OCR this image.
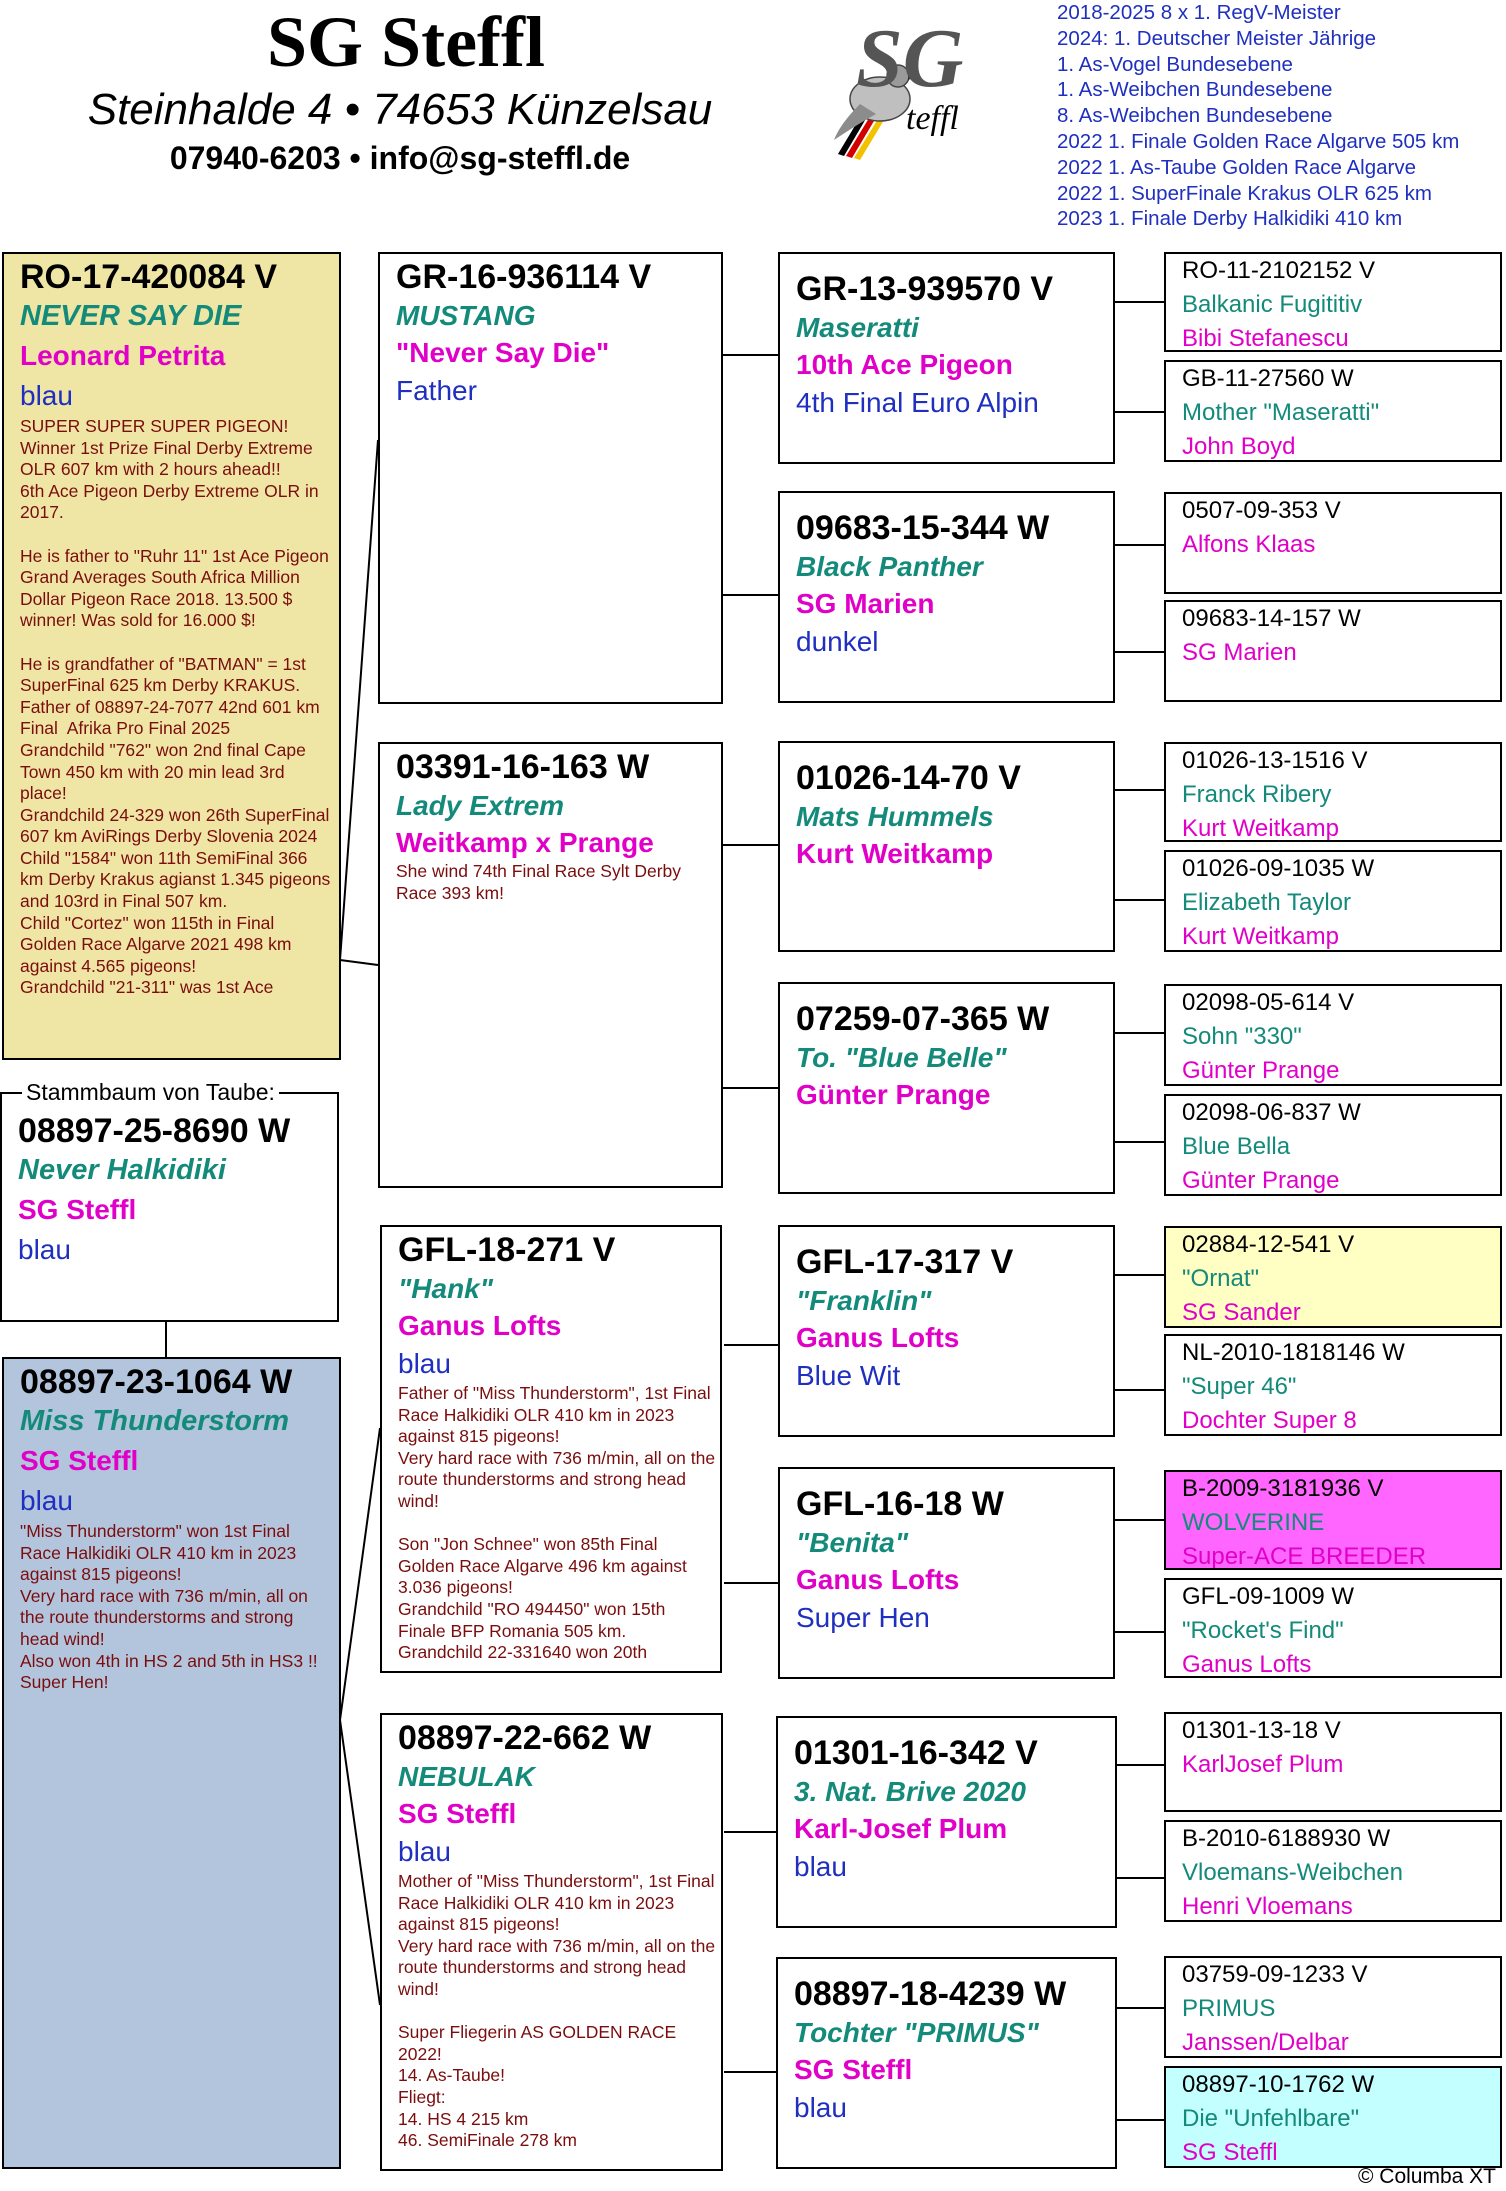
SG Steffl
Steinhalde 4 • 74653 Künzelsau
07940-6203 • info@sg-steffl.de
SG
teffl
2018-2025 8 x 1. RegV-Meister
2024: 1. Deutscher Meister Jährige
1. As-Vogel Bundesebene
1. As-Weibchen Bundesebene
8. As-Weibchen Bundesebene
2022 1. Finale Golden Race Algarve 505 km
2022 1. As-Taube Golden Race Algarve
2022 1. SuperFinale Krakus OLR 625 km
2023 1. Finale Derby Halkidiki 410 km
RO-17-420084 V
NEVER SAY DIE
Leonard Petrita
blau
SUPER SUPER SUPER PIGEON!
Winner 1st Prize Final Derby Extreme OLR 607 km with 2 hours ahead!!
6th Ace Pigeon Derby Extreme OLR in 2017.

He is father to "Ruhr 11" 1st Ace Pigeon Grand Averages South Africa Million Dollar Pigeon Race 2018. 13.500 $ winner! Was sold for 16.000 $!

He is grandfather of "BATMAN" = 1st SuperFinal 625 km Derby KRAKUS.
Father of 08897-24-7077 42nd 601 km Final  Afrika Pro Final 2025
Grandchild "762" won 2nd final Cape Town 450 km with 20 min lead 3rd place!
Grandchild 24-329 won 26th SuperFinal 607 km AviRings Derby Slovenia 2024
Child "1584" won 11th SemiFinal 366 km Derby Krakus agianst 1.345 pigeons and 103rd in Final 507 km.
Child "Cortez" won 115th in Final Golden Race Algarve 2021 498 km against 4.565 pigeons!
Grandchild "21-311" was 1st Ace
Stammbaum von Taube:
08897-25-8690 W
Never Halkidiki
SG Steffl
blau
08897-23-1064 W
Miss Thunderstorm
SG Steffl
blau
"Miss Thunderstorm" won 1st Final Race Halkidiki OLR 410 km in 2023 against 815 pigeons!
Very hard race with 736 m/min, all on the route thunderstorms and strong head wind!
Also won 4th in HS 2 and 5th in HS3 !!
Super Hen!
GR-16-936114 V
MUSTANG
"Never Say Die"
Father
03391-16-163 W
Lady Extrem
Weitkamp x Prange
She wind 74th Final Race Sylt Derby Race 393 km!
GFL-18-271 V
"Hank"
Ganus Lofts
blau
Father of "Miss Thunderstorm", 1st Final Race Halkidiki OLR 410 km in 2023 against 815 pigeons!
Very hard race with 736 m/min, all on the route thunderstorms and strong head wind!

Son "Jon Schnee" won 85th Final Golden Race Algarve 496 km against 3.036 pigeons!
Grandchild "RO 494450" won 15th Finale BFP Romania 505 km.
Grandchild 22-331640 won 20th
08897-22-662 W
NEBULAK
SG Steffl
blau
Mother of "Miss Thunderstorm", 1st Final Race Halkidiki OLR 410 km in 2023 against 815 pigeons!
Very hard race with 736 m/min, all on the route thunderstorms and strong head wind!

Super Fliegerin AS GOLDEN RACE 2022!
14. As-Taube!
Fliegt:
14. HS 4 215 km
46. SemiFinale 278 km
GR-13-939570 V
Maseratti
10th Ace Pigeon
4th Final Euro Alpin
09683-15-344 W
Black Panther
SG Marien
dunkel
01026-14-70 V
Mats Hummels
Kurt Weitkamp
07259-07-365 W
To. "Blue Belle"
Günter Prange
GFL-17-317 V
"Franklin"
Ganus Lofts
Blue Wit
GFL-16-18 W
"Benita"
Ganus Lofts
Super Hen
01301-16-342 V
3. Nat. Brive 2020
Karl-Josef Plum
blau
08897-18-4239 W
Tochter "PRIMUS"
SG Steffl
blau
RO-11-2102152 V
Balkanic Fugititiv
Bibi Stefanescu
GB-11-27560 W
Mother "Maseratti"
John Boyd
0507-09-353 V
Alfons Klaas
09683-14-157 W
SG Marien
01026-13-1516 V
Franck Ribery
Kurt Weitkamp
01026-09-1035 W
Elizabeth Taylor
Kurt Weitkamp
02098-05-614 V
Sohn "330"
Günter Prange
02098-06-837 W
Blue Bella
Günter Prange
02884-12-541 V
"Ornat"
SG Sander
NL-2010-1818146 W
"Super 46"
Dochter Super 8
B-2009-3181936 V
WOLVERINE
Super-ACE BREEDER
GFL-09-1009 W
"Rocket's Find"
Ganus Lofts
01301-13-18 V
KarlJosef Plum
B-2010-6188930 W
Vloemans-Weibchen
Henri Vloemans
03759-09-1233 V
PRIMUS
Janssen/Delbar
08897-10-1762 W
Die "Unfehlbare"
SG Steffl
© Columba XT
